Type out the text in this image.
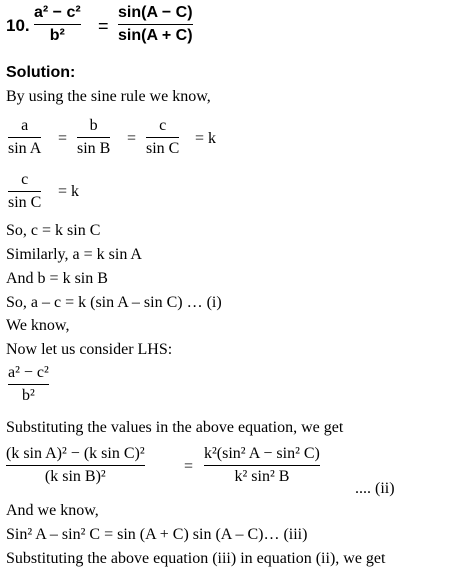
10.
a² − c²
b²	=
sin(A − C)
sin(A + C)
Solution:
By using the sine rule we know,
a
sin A
=
b
sin B
=
c
sin C
= k
c
sin C
= k
So, c = k sin C
Similarly, a = k sin A
And b = k sin B
So, a – c = k (sin A – sin C) … (i)
We know,
Now let us consider LHS:
a² − c²
b²
Substituting the values in the above equation, we get
(k sin A)² − (k sin C)²
(k sin B)²
=
k²(sin² A − sin² C)
k² sin² B
.... (ii)
And we know,
Sin² A – sin² C = sin (A + C) sin (A – C)… (iii)
Substituting the above equation (iii) in equation (ii), we get
